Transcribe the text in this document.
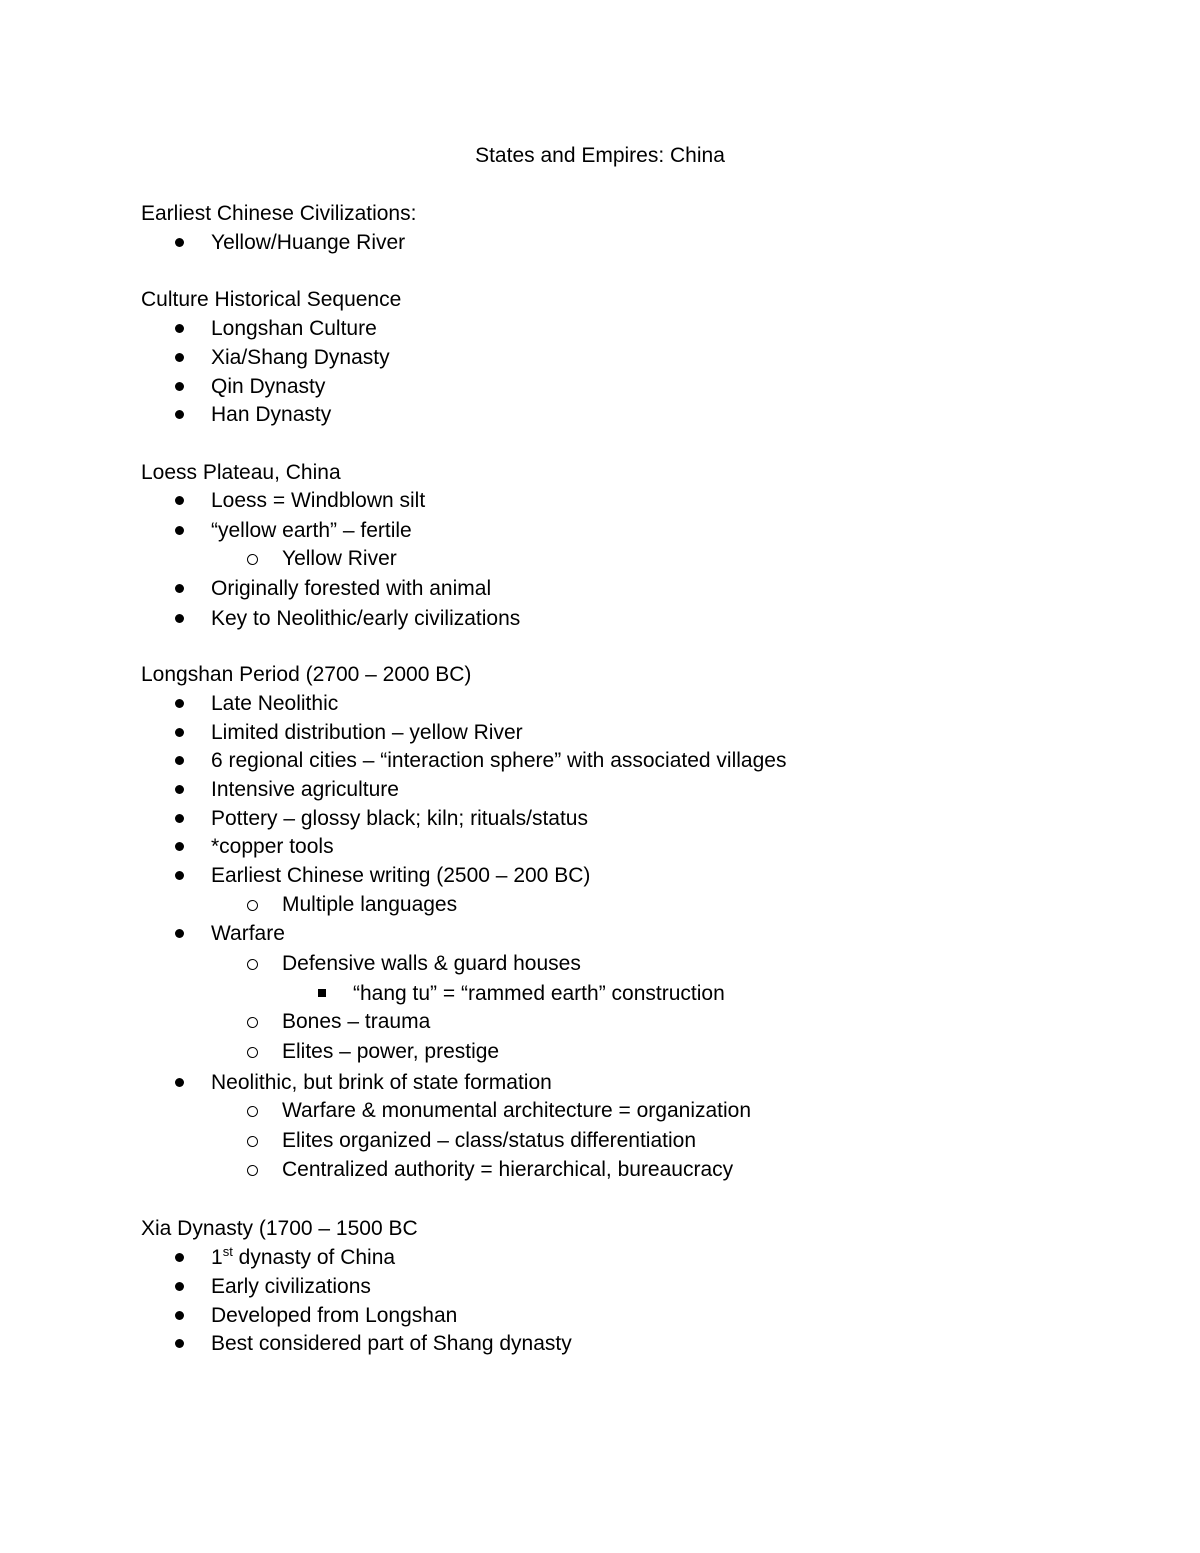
States and Empires: China
Earliest Chinese Civilizations:
Yellow/Huange River
Culture Historical Sequence
Longshan Culture
Xia/Shang Dynasty
Qin Dynasty
Han Dynasty
Loess Plateau, China
Loess = Windblown silt
“yellow earth” – fertile
Yellow River
Originally forested with animal
Key to Neolithic/early civilizations
Longshan Period (2700 – 2000 BC)
Late Neolithic
Limited distribution – yellow River
6 regional cities – “interaction sphere” with associated villages
Intensive agriculture
Pottery – glossy black; kiln; rituals/status
*copper tools
Earliest Chinese writing (2500 – 200 BC)
Multiple languages
Warfare
Defensive walls & guard houses
“hang tu” = “rammed earth” construction
Bones – trauma
Elites – power, prestige
Neolithic, but brink of state formation
Warfare & monumental architecture = organization
Elites organized – class/status differentiation
Centralized authority = hierarchical, bureaucracy
Xia Dynasty (1700 – 1500 BC
1st dynasty of China
Early civilizations
Developed from Longshan
Best considered part of Shang dynasty
